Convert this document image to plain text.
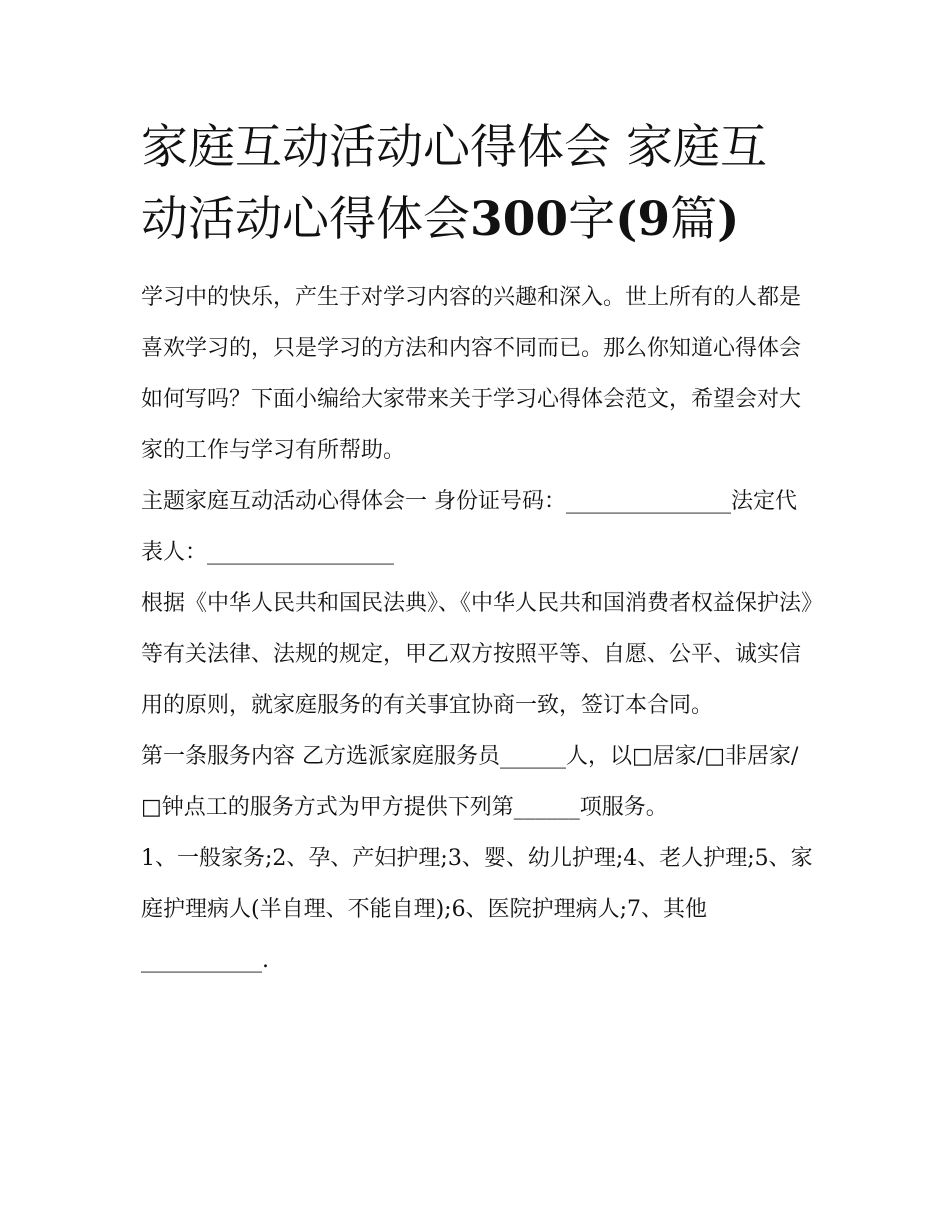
家庭互动活动心得体会 家庭互动活动心得体会300字(9篇)

学习中的快乐，产生于对学习内容的兴趣和深入。世上所有的人都是喜欢学习的，只是学习的方法和内容不同而已。那么你知道心得体会如何写吗？下面小编给大家带来关于学习心得体会范文，希望会对大家的工作与学习有所帮助。

主题家庭互动活动心得体会一 身份证号码：_______________法定代表人：_________________

根据《中华人民共和国民法典》、《中华人民共和国消费者权益保护法》等有关法律、法规的规定，甲乙双方按照平等、自愿、公平、诚实信用的原则，就家庭服务的有关事宜协商一致，签订本合同。

第一条服务内容 乙方选派家庭服务员______人，以□居家/□非居家/□钟点工的服务方式为甲方提供下列第______项服务。

1、一般家务;2、孕、产妇护理;3、婴、幼儿护理;4、老人护理;5、家庭护理病人(半自理、不能自理);6、医院护理病人;7、其他___________.
